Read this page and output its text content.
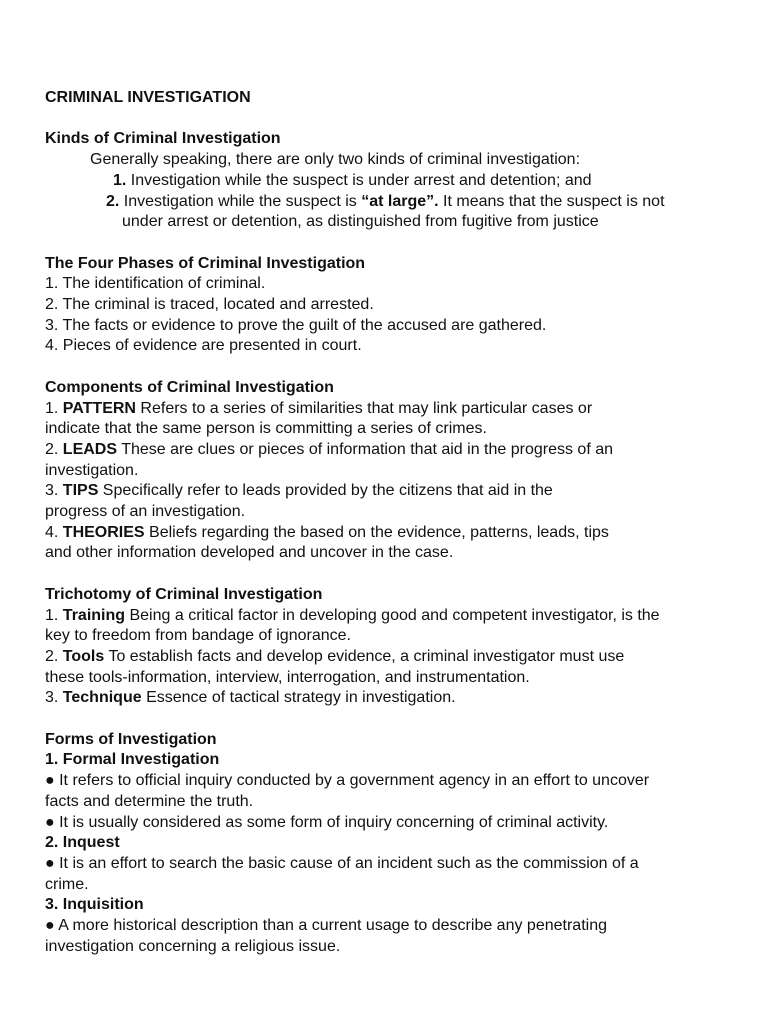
CRIMINAL INVESTIGATION
Kinds of Criminal Investigation
Generally speaking, there are only two kinds of criminal investigation:
1. Investigation while the suspect is under arrest and detention; and
2. Investigation while the suspect is “at large”. It means that the suspect is not
under arrest or detention, as distinguished from fugitive from justice
The Four Phases of Criminal Investigation
1. The identification of criminal.
2. The criminal is traced, located and arrested.
3. The facts or evidence to prove the guilt of the accused are gathered.
4. Pieces of evidence are presented in court.
Components of Criminal Investigation
1. PATTERN Refers to a series of similarities that may link particular cases or
indicate that the same person is committing a series of crimes.
2. LEADS These are clues or pieces of information that aid in the progress of an
investigation.
3. TIPS Specifically refer to leads provided by the citizens that aid in the
progress of an investigation.
4. THEORIES Beliefs regarding the based on the evidence, patterns, leads, tips
and other information developed and uncover in the case.
Trichotomy of Criminal Investigation
1. Training Being a critical factor in developing good and competent investigator, is the
key to freedom from bandage of ignorance.
2. Tools To establish facts and develop evidence, a criminal investigator must use
these tools-information, interview, interrogation, and instrumentation.
3. Technique Essence of tactical strategy in investigation.
Forms of Investigation
1. Formal Investigation
● It refers to official inquiry conducted by a government agency in an effort to uncover
facts and determine the truth.
● It is usually considered as some form of inquiry concerning of criminal activity.
2. Inquest
● It is an effort to search the basic cause of an incident such as the commission of a
crime.
3. Inquisition
● A more historical description than a current usage to describe any penetrating
investigation concerning a religious issue.
